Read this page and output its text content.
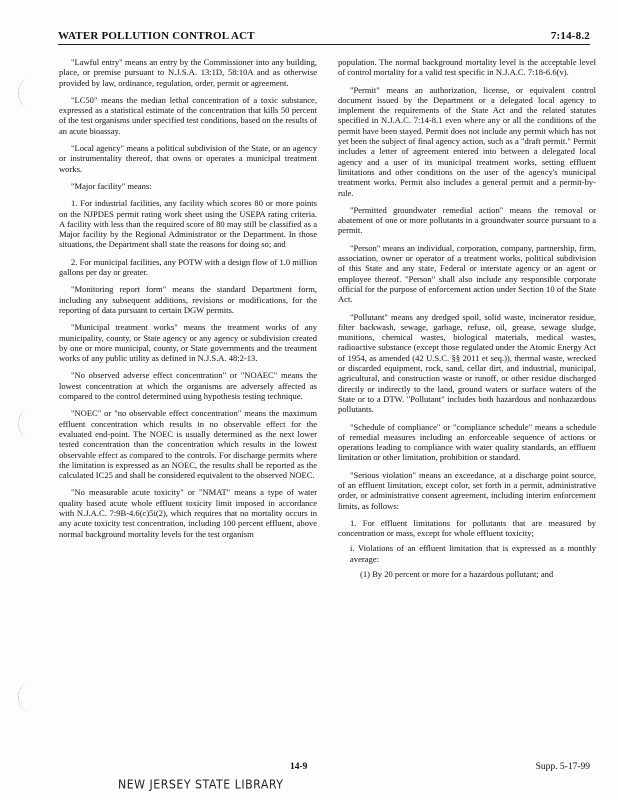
WATER POLLUTION CONTROL ACT	7:14-8.2

"Lawful entry" means an entry by the Commissioner into any building, place, or premise pursuant to N.J.S.A. 13:1D, 58:10A and as otherwise provided by law, ordinance, regulation, order, permit or agreement.

"LC50" means the median lethal concentration of a toxic substance, expressed as a statistical estimate of the concentration that kills 50 percent of the test organisms under specified test conditions, based on the results of an acute bioassay.

"Local agency" means a political subdivision of the State, or an agency or instrumentality thereof, that owns or operates a municipal treatment works.

"Major facility" means:

1. For industrial facilities, any facility which scores 80 or more points on the NJPDES permit rating work sheet using the USEPA rating criteria. A facility with less than the required score of 80 may still be classified as a Major facility by the Regional Administrator or the Department. In those situations, the Department shall state the reasons for doing so; and

2. For municipal facilities, any POTW with a design flow of 1.0 million gallons per day or greater.

"Monitoring report form" means the standard Department form, including any subsequent additions, revisions or modifications, for the reporting of data pursuant to certain DGW permits.

"Municipal treatment works" means the treatment works of any municipality, county, or State agency or any agency or subdivision created by one or more municipal, county, or State governments and the treatment works of any public utility as defined in N.J.S.A. 48:2-13.

"No observed adverse effect concentration" or "NOAEC" means the lowest concentration at which the organisms are adversely affected as compared to the control determined using hypothesis testing technique.

"NOEC" or "no observable effect concentration" means the maximum effluent concentration which results in no observable effect for the evaluated end-point. The NOEC is usually determined as the next lower tested concentration than the concentration which results in the lowest observable effect as compared to the controls. For discharge permits where the limitation is expressed as an NOEC, the results shall be reported as the calculated IC25 and shall be considered equivalent to the observed NOEC.

"No measurable acute toxicity" or "NMAT" means a type of water quality based acute whole effluent toxicity limit imposed in accordance with N.J.A.C. 7:9B-4.6(c)5i(2), which requires that no mortality occurs in any acute toxicity test concentration, including 100 percent effluent, above normal background mortality levels for the test organism

population. The normal background mortality level is the acceptable level of control mortality for a valid test specific in N.J.A.C. 7:18-6.6(v).

"Permit" means an authorization, license, or equivalent control document issued by the Department or a delegated local agency to implement the requirements of the State Act and the related statutes specified in N.J.A.C. 7:14-8.1 even where any or all the conditions of the permit have been stayed. Permit does not include any permit which has not yet been the subject of final agency action, such as a "draft permit." Permit includes a letter of agreement entered into between a delegated local agency and a user of its municipal treatment works, setting effluent limitations and other conditions on the user of the agency's municipal treatment works. Permit also includes a general permit and a permit-by-rule.

"Permitted groundwater remedial action" means the removal or abatement of one or more pollutants in a groundwater source pursuant to a permit.

"Person" means an individual, corporation, company, partnership, firm, association, owner or operator of a treatment works, political subdivision of this State and any state, Federal or interstate agency or an agent or employee thereof. "Person" shall also include any responsible corporate official for the purpose of enforcement action under Section 10 of the State Act.

"Pollutant" means any dredged spoil, solid waste, incinerator residue, filter backwash, sewage, garbage, refuse, oil, grease, sewage sludge, munitions, chemical wastes, biological materials, medical wastes, radioactive substance (except those regulated under the Atomic Energy Act of 1954, as amended (42 U.S.C. §§ 2011 et seq.)), thermal waste, wrecked or discarded equipment, rock, sand, cellar dirt, and industrial, municipal, agricultural, and construction waste or runoff, or other residue discharged directly or indirectly to the land, ground waters or surface waters of the State or to a DTW. "Pollutant" includes both hazardous and nonhazardous pollutants.

"Schedule of compliance" or "compliance schedule" means a schedule of remedial measures including an enforceable sequence of actions or operations leading to compliance with water quality standards, an effluent limitation or other limitation, prohibition or standard.

"Serious violation" means an exceedance, at a discharge point source, of an effluent limitation, except color, set forth in a permit, administrative order, or administrative consent agreement, including interim enforcement limits, as follows:

1. For effluent limitations for pollutants that are measured by concentration or mass, except for whole effluent toxicity;

i. Violations of an effluent limitation that is expressed as a monthly average:

(1) By 20 percent or more for a hazardous pollutant; and

14-9	Supp. 5-17-99
NEW JERSEY STATE LIBRARY
